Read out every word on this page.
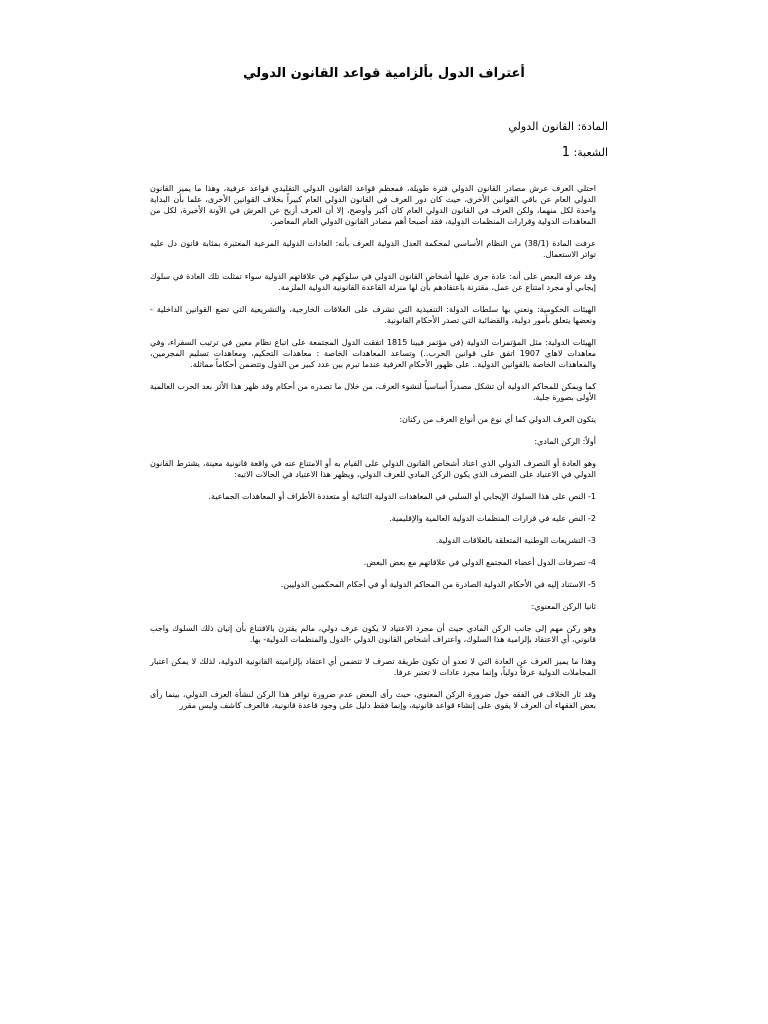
أعتراف الدول بألزامية قواعد القانون الدولي
المادة: القانون الدولي
الشعبة: 1

احتلي العرف عرش مصادر القانون الدولي فترة طويلة، فمعظم قواعد القانون الدولي التقليدي قواعد عرفية، وهذا ما يميز القانون الدولي العام عن باقي القوانين الأخرى، حيث كان دور العرف في القانون الدولي العام كبيراً بخلاف القوانين الأخرى، علما بأن البداية واحدة لكل منهما، ولكن العرف في القانون الدولي العام كان أكبر وأوضح، إلا أن العرف أزيح عن العرش في الآونة الأخيرة، لكل من المعاهدات الدولية وقرارات المنظمات الدولية، فقد أصبحا أهم مصادر القانون الدولي العام المعاصر.

عرفت المادة (38/1) من النظام الأساسي لمحكمة العدل الدولية العرف بأنه: العادات الدولية المرعية المعتبرة بمثابة قانون دل عليه تواتر الاستعمال.

وقد عرفه البعض على أنه: عادة جرى عليها أشخاص القانون الدولي في سلوكهم في علاقاتهم الدولية سواء تمثلت تلك العادة في سلوك إيجابي أو مجرد امتناع عن عمل، مقترنة باعتقادهم بأن لها منزلة القاعدة القانونية الدولية الملزمة.

الهيئات الحكومية: ونعني بها سلطات الدولة: التنفيذية التي تشرف على العلاقات الخارجية، والتشريعية التي تضع القوانين الداخلية - ونعضها يتعلق بأمور دولية، والقضائية التي تصدر الأحكام القانونية.

الهيئات الدولية: مثل المؤتمرات الدولية (في مؤتمر فيينا 1815 اتفقت الدول المجتمعة على اتباع نظام معين في ترتيب السفراء، وفي معاهدات لاهاي 1907 اتفق على قوانين الحرب..) وتساعد المعاهدات الخاصة : معاهدات التحكيم، ومعاهدات تسليم المجرمين، والمعاهدات الخاصة بالقوانين الدولية.. على ظهور الأحكام العرفية عندما تبرم بين عدد كبير من الدول وتتضمن أحكاماً مماثلة.

كما ويمكن للمحاكم الدولية أن تشكل مصدراً أساسياً لنشوء العرف، من خلال ما تصدره من أحكام وقد ظهر هذا الأثر بعد الحرب العالمية الأولى بصورة جلية.

يتكون العرف الدولي كما أي نوع من أنواع العرف من ركنان:

أولاً: الركن المادي:

وهو العادة أو التصرف الدولي الذي اعتاد أشخاص القانون الدولي على القيام به أو الامتناع عنه في واقعة قانونية معينة، يشترط القانون الدولي في الاعتياد على التصرف الذي يكون الركن المادي للعرف الدولي، ويظهر هذا الاعتياد في الحالات الاتيه:

1- النص على هذا السلوك الإيجابي أو السلبي في المعاهدات الدولية الثنائية أو متعددة الأطراف أو المعاهدات الجماعية.

2- النص عليه في قرارات المنظمات الدولية العالمية والإقليمية.

3- التشريعات الوطنية المتعلقة بالعلاقات الدولية.

4- تصرفات الدول أعضاء المجتمع الدولي في علاقاتهم مع بعض البعض.

5- الاستناد إليه في الأحكام الدولية الصادرة من المحاكم الدولية أو في أحكام المحكمين الدوليين.

ثانيا الركن المعنوي:

وهو ركن مهم إلى جانب الركن المادي حيث أن مجرد الاعتياد لا يكون عرف دولي، مالم يقترن بالاقتناع بأن إتيان ذلك السلوك واجب قانوني، أي الاعتقاد بإلزامية هذا السلوك، واعتراف أشخاص القانون الدولي -الدول والمنظمات الدولية- بها.

وهذا ما يميز العرف عن العادة التي لا تعدو أن تكون طريقة تصرف لا تتضمن أي اعتقاد بإلزاميته القانونية الدولية، لذلك لا يمكن اعتبار المجاملات الدولية عرفاً دولياً، وإنما مجرد عادات لا تعتبر عرفا.

وقد ثار الخلاف في الفقه حول ضرورة الركن المعنوي، حيث رأى البعض عدم ضرورة توافر هذا الركن لنشأة العرف الدولي، بينما رأى بعض الفقهاء أن العرف لا يقوى على إنشاء قواعد قانونية، وإنما فقط دليل على وجود قاعدة قانونية، فالعرف كاشف وليس مقرر
